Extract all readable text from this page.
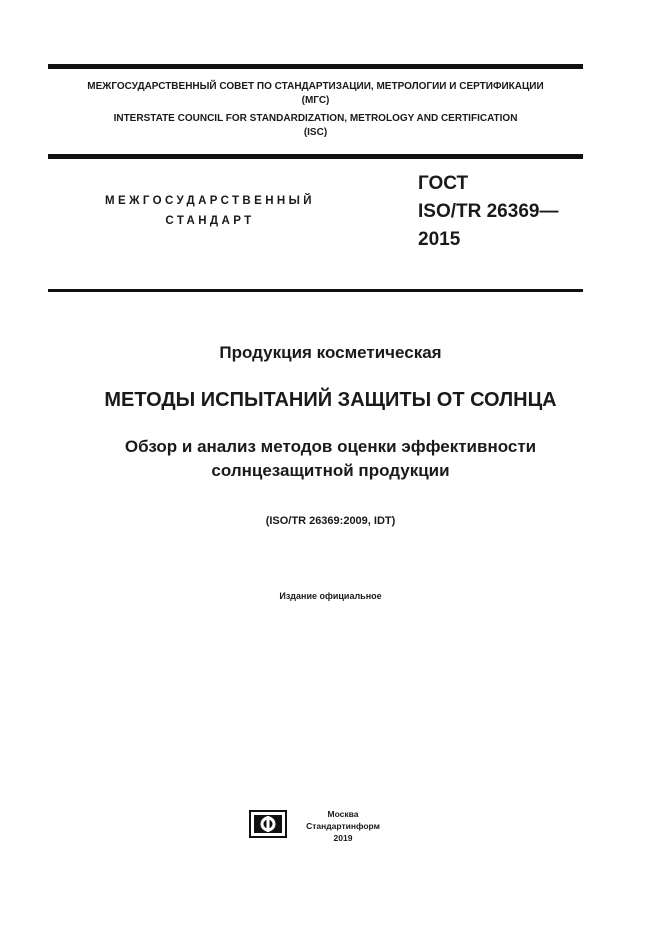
МЕЖГОСУДАРСТВЕННЫЙ СОВЕТ ПО СТАНДАРТИЗАЦИИ, МЕТРОЛОГИИ И СЕРТИФИКАЦИИ
(МГС)
INTERSTATE COUNCIL FOR STANDARDIZATION, METROLOGY AND CERTIFICATION
(ISC)
МЕЖГОСУДАРСТВЕННЫЙ
СТАНДАРТ
ГОСТ
ISO/TR 26369—
2015
Продукция косметическая
МЕТОДЫ ИСПЫТАНИЙ ЗАЩИТЫ ОТ СОЛНЦА
Обзор и анализ методов оценки эффективности
солнцезащитной продукции
(ISO/TR 26369:2009, IDT)
Издание официальное
Москва
Стандартинформ
2019
